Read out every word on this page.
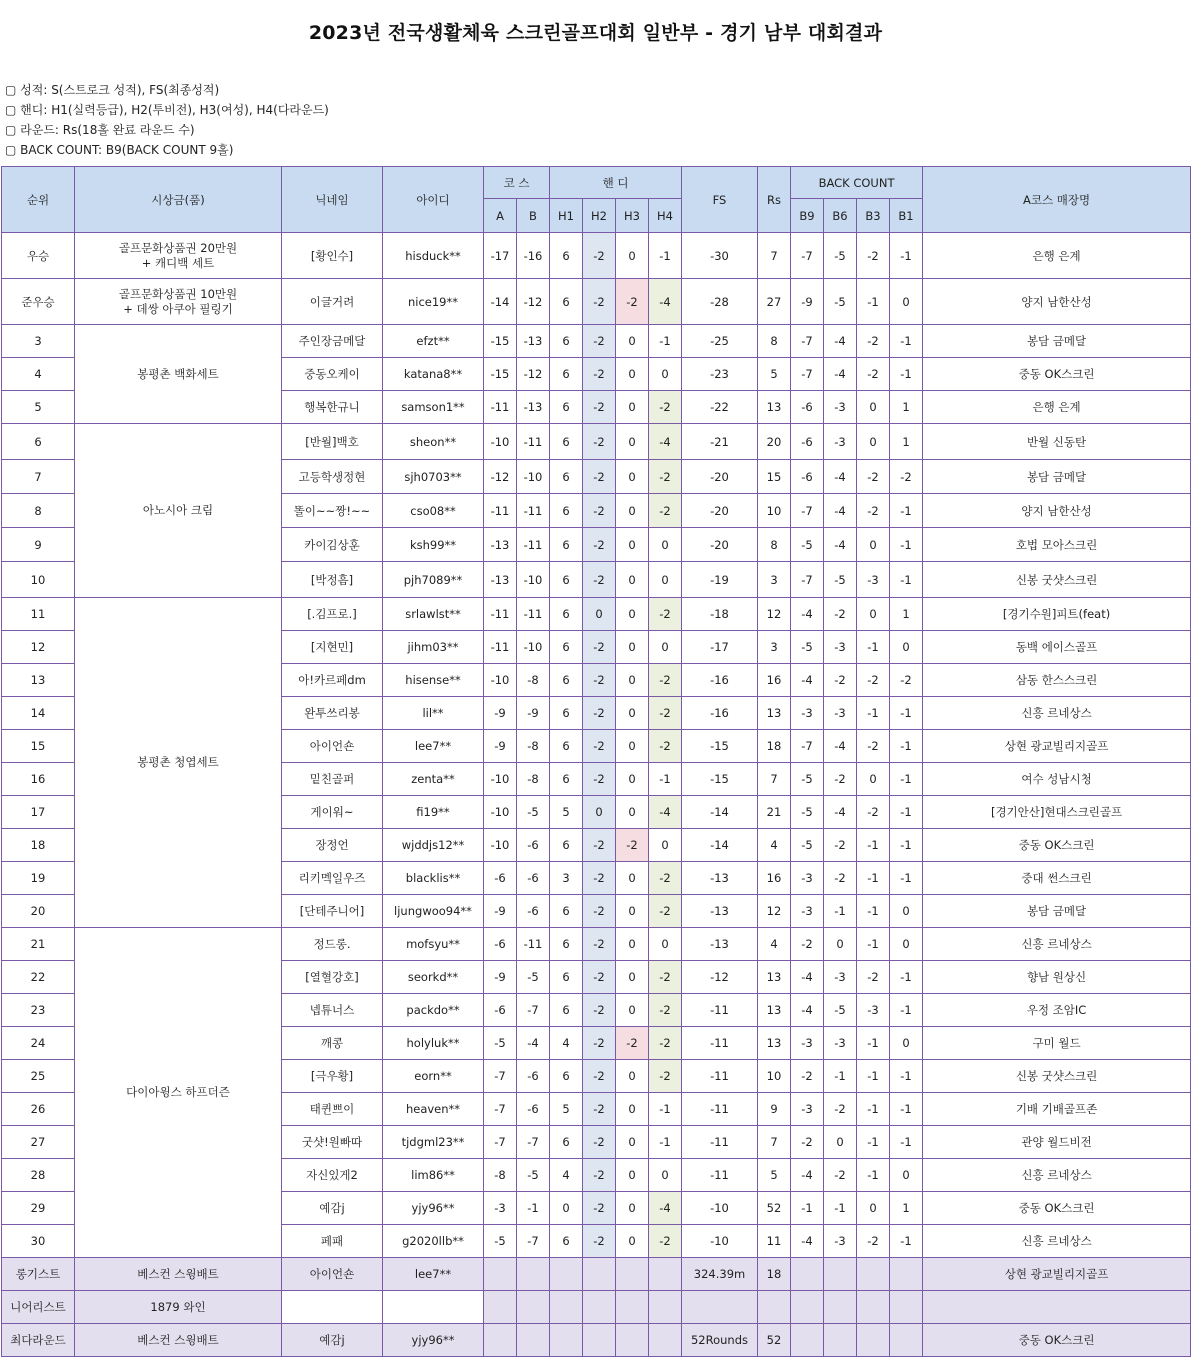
2023년 전국생활체육 스크린골프대회 일반부 - 경기 남부 대회결과
▢ 성적: S(스트로크 성적), FS(최종성적)
▢ 핸디: H1(실력등급), H2(투비전), H3(여성), H4(다라운드)
▢ 라운드: Rs(18홀 완료 라운드 수)
▢ BACK COUNT: B9(BACK COUNT 9홀)
순위	시상금(품)	닉네임	아이디	코 스		핸 디				FS	Rs	BACK COUNT				A코스 매장명
				A	B	H1	H2	H3	H4			B9	B6	B3	B1	
우승	골프문화상품권 20만원
+ 캐디백 세트	[황인수]	hisduck**	-17	-16	6	-2	0	-1	-30	7	-7	-5	-2	-1	은행 은계
준우승	골프문화상품권 10만원
+ 데쌍 아쿠아 필링기	이글거려	nice19**	-14	-12	6	-2	-2	-4	-28	27	-9	-5	-1	0	양지 남한산성
3	봉평촌 백화세트	주인장금메달	efzt**	-15	-13	6	-2	0	-1	-25	8	-7	-4	-2	-1	봉담 금메달
4		중동오케이	katana8**	-15	-12	6	-2	0	0	-23	5	-7	-4	-2	-1	중동 OK스크린
5		행복한규니	samson1**	-11	-13	6	-2	0	-2	-22	13	-6	-3	0	1	은행 은계
6	아노시아 크림	[반월]백호	sheon**	-10	-11	6	-2	0	-4	-21	20	-6	-3	0	1	반월 신동탄
7		고등학생정현	sjh0703**	-12	-10	6	-2	0	-2	-20	15	-6	-4	-2	-2	봉담 금메달
8		똘이~~짱!~~	cso08**	-11	-11	6	-2	0	-2	-20	10	-7	-4	-2	-1	양지 남한산성
9		카이김상훈	ksh99**	-13	-11	6	-2	0	0	-20	8	-5	-4	0	-1	호법 모아스크린
10		[박정흠]	pjh7089**	-13	-10	6	-2	0	0	-19	3	-7	-5	-3	-1	신봉 굿샷스크린
11	봉평촌 청엽세트	[.김프로.]	srlawlst**	-11	-11	6	0	0	-2	-18	12	-4	-2	0	1	[경기수원]피트(feat)
12		[지현민]	jihm03**	-11	-10	6	-2	0	0	-17	3	-5	-3	-1	0	동백 에이스골프
13		아!카르페dm	hisense**	-10	-8	6	-2	0	-2	-16	16	-4	-2	-2	-2	삼동 한스스크린
14		완투쓰리봉	lil**	-9	-9	6	-2	0	-2	-16	13	-3	-3	-1	-1	신흥 르네상스
15		아이언숀	lee7**	-9	-8	6	-2	0	-2	-15	18	-7	-4	-2	-1	상현 광교빌리지골프
16		밑친골퍼	zenta**	-10	-8	6	-2	0	-1	-15	7	-5	-2	0	-1	여수 성남시청
17		게이워~	fi19**	-10	-5	5	0	0	-4	-14	21	-5	-4	-2	-1	[경기안산]현대스크린골프
18		장정언	wjddjs12**	-10	-6	6	-2	-2	0	-14	4	-5	-2	-1	-1	중동 OK스크린
19		리키멕일우즈	blacklis**	-6	-6	3	-2	0	-2	-13	16	-3	-2	-1	-1	중대 썬스크린
20		[단테주니어]	ljungwoo94**	-9	-6	6	-2	0	-2	-13	12	-3	-1	-1	0	봉담 금메달
21	다이아윙스 하프더즌	정드롱.	mofsyu**	-6	-11	6	-2	0	0	-13	4	-2	0	-1	0	신흥 르네상스
22		[열혈강호]	seorkd**	-9	-5	6	-2	0	-2	-12	13	-4	-3	-2	-1	향남 원상신
23		넵튜너스	packdo**	-6	-7	6	-2	0	-2	-11	13	-4	-5	-3	-1	우정 조암IC
24		깨콩	holyluk**	-5	-4	4	-2	-2	-2	-11	13	-3	-3	-1	0	구미 월드
25		[극우황]	eorn**	-7	-6	6	-2	0	-2	-11	10	-2	-1	-1	-1	신봉 굿샷스크린
26		태퀸쁘이	heaven**	-7	-6	5	-2	0	-1	-11	9	-3	-2	-1	-1	기배 기배골프존
27		굿샷!원빠따	tjdgml23**	-7	-7	6	-2	0	-1	-11	7	-2	0	-1	-1	관양 월드비전
28		자신있게2	lim86**	-8	-5	4	-2	0	0	-11	5	-4	-2	-1	0	신흥 르네상스
29		예감j	yjy96**	-3	-1	0	-2	0	-4	-10	52	-1	-1	0	1	중동 OK스크린
30		페패	g2020llb**	-5	-7	6	-2	0	-2	-10	11	-4	-3	-2	-1	신흥 르네상스
롱기스트	베스컨 스윙배트	아이언숀	lee7**							324.39m	18					상현 광교빌리지골프
니어리스트	1879 와인															
최다라운드	베스컨 스윙배트	예감j	yjy96**							52Rounds	52					중동 OK스크린
